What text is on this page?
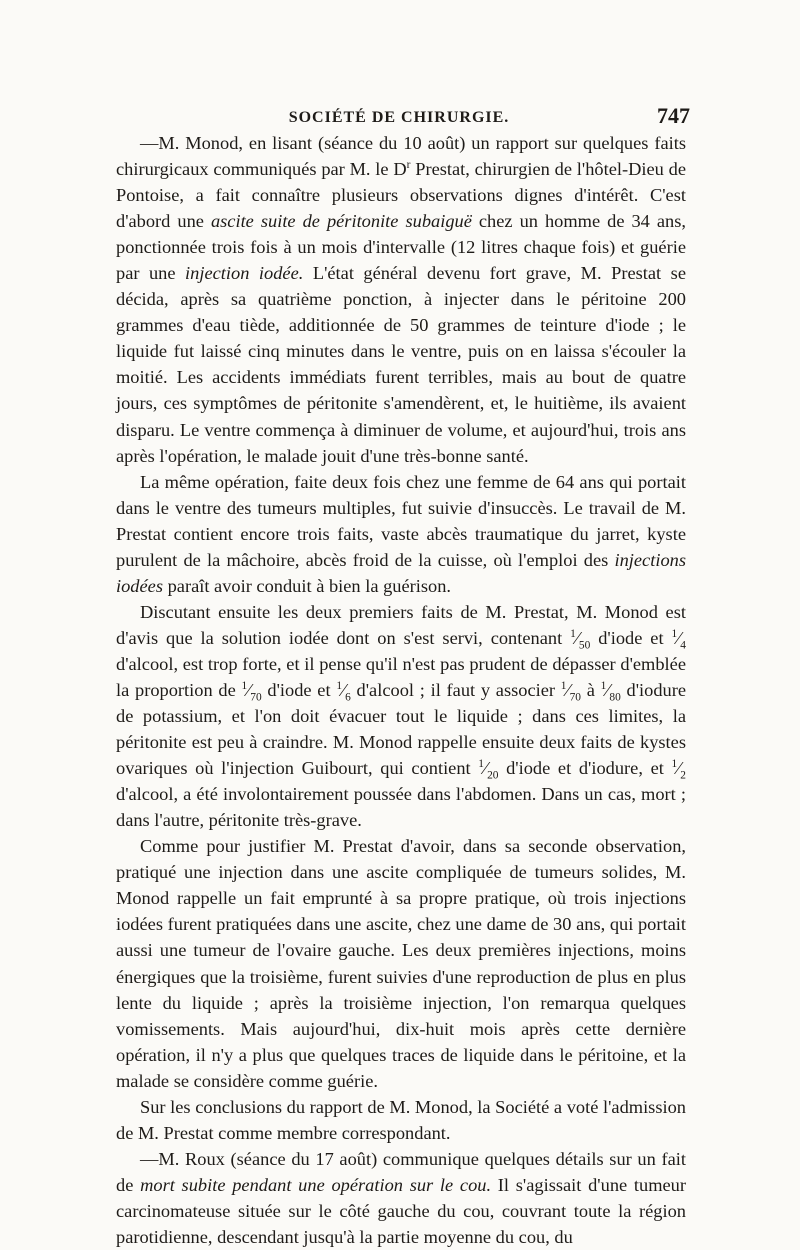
SOCIÉTÉ DE CHIRURGIE.	747

—M. Monod, en lisant (séance du 10 août) un rapport sur quelques faits chirurgicaux communiqués par M. le $D^r$ Prestat, chirurgien de l'hôtel-Dieu de Pontoise, a fait connaître plusieurs observations dignes d'intérêt. C'est d'abord une ascite suite de péritonite subaiguë chez un homme de 34 ans, ponctionnée trois fois à un mois d'intervalle (12 litres chaque fois) et guérie par une injection iodée. L'état général devenu fort grave, M. Prestat se décida, après sa quatrième ponction, à injecter dans le péritoine 200 grammes d'eau tiède, additionnée de 50 grammes de teinture d'iode ; le liquide fut laissé cinq minutes dans le ventre, puis on en laissa s'écouler la moitié. Les accidents immédiats furent terribles, mais au bout de quatre jours, ces symptômes de péritonite s'amendèrent, et, le huitième, ils avaient disparu. Le ventre commença à diminuer de volume, et aujourd'hui, trois ans après l'opération, le malade jouit d'une très-bonne santé.

La même opération, faite deux fois chez une femme de 64 ans qui portait dans le ventre des tumeurs multiples, fut suivie d'insuccès. Le travail de M. Prestat contient encore trois faits, vaste abcès traumatique du jarret, kyste purulent de la mâchoire, abcès froid de la cuisse, où l'emploi des injections iodées paraît avoir conduit à bien la guérison.

Discutant ensuite les deux premiers faits de M. Prestat, M. Monod est d'avis que la solution iodée dont on s'est servi, contenant $^1⁄_{50}$ d'iode et $^1⁄_4$ d'alcool, est trop forte, et il pense qu'il n'est pas prudent de dépasser d'emblée la proportion de $^1⁄_{70}$ d'iode et $^1⁄_6$ d'alcool ; il faut y associer $^1⁄_{70}$ à $^1⁄_{80}$ d'iodure de potassium, et l'on doit évacuer tout le liquide ; dans ces limites, la péritonite est peu à craindre. M. Monod rappelle ensuite deux faits de kystes ovariques où l'injection Guibourt, qui contient $^1⁄_{20}$ d'iode et d'iodure, et $^1⁄_2$ d'alcool, a été involontairement poussée dans l'abdomen. Dans un cas, mort ; dans l'autre, péritonite très-grave.

Comme pour justifier M. Prestat d'avoir, dans sa seconde observation, pratiqué une injection dans une ascite compliquée de tumeurs solides, M. Monod rappelle un fait emprunté à sa propre pratique, où trois injections iodées furent pratiquées dans une ascite, chez une dame de 30 ans, qui portait aussi une tumeur de l'ovaire gauche. Les deux premières injections, moins énergiques que la troisième, furent suivies d'une reproduction de plus en plus lente du liquide ; après la troisième injection, l'on remarqua quelques vomissements. Mais aujourd'hui, dix-huit mois après cette dernière opération, il n'y a plus que quelques traces de liquide dans le péritoine, et la malade se considère comme guérie.

Sur les conclusions du rapport de M. Monod, la Société a voté l'admission de M. Prestat comme membre correspondant.

—M. Roux (séance du 17 août) communique quelques détails sur un fait de mort subite pendant une opération sur le cou. Il s'agissait d'une tumeur carcinomateuse située sur le côté gauche du cou, couvrant toute la région parotidienne, descendant jusqu'à la partie moyenne du cou, du
